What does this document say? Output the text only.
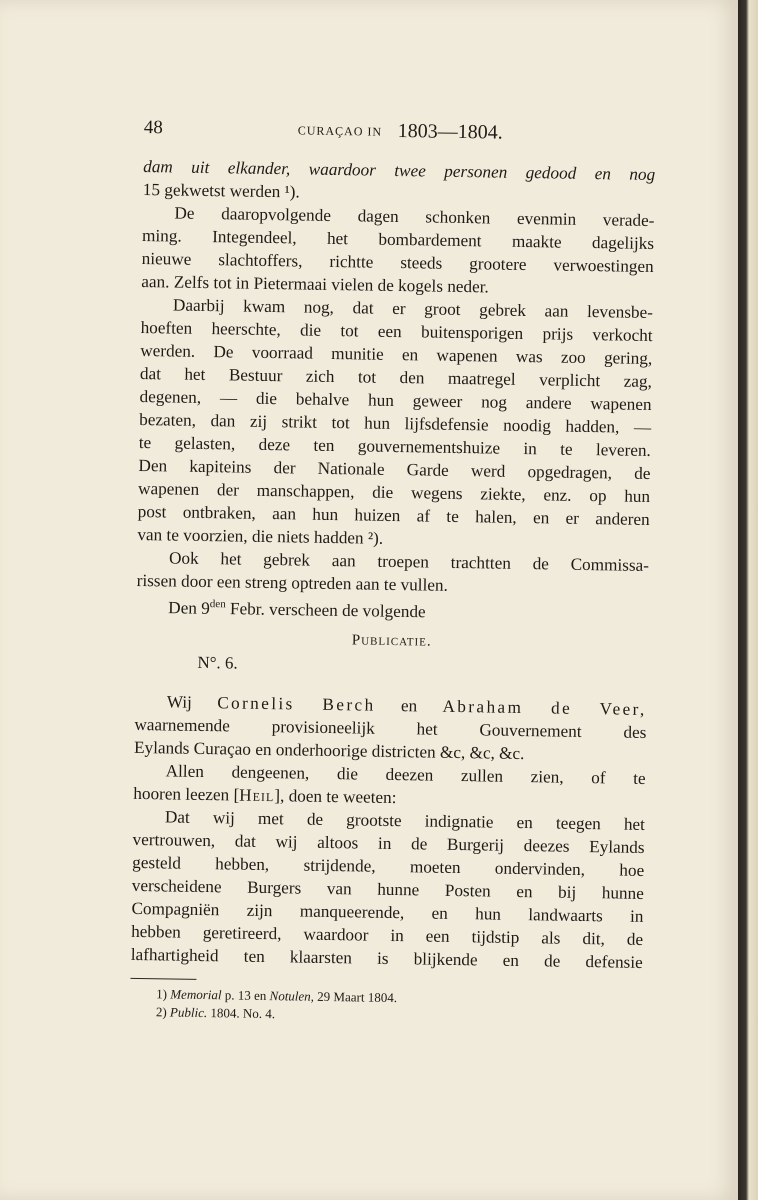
48	CURAÇAO IN 1803—1804.

dam uit elkander, waardoor twee personen gedood en nog

15 gekwetst werden ¹).

De daaropvolgende dagen schonken evenmin verade-

ming. Integendeel, het bombardement maakte dagelijks

nieuwe slachtoffers, richtte steeds grootere verwoestingen

aan. Zelfs tot in Pietermaai vielen de kogels neder.

Daarbij kwam nog, dat er groot gebrek aan levensbe-

hoeften heerschte, die tot een buitensporigen prijs verkocht

werden. De voorraad munitie en wapenen was zoo gering,

dat het Bestuur zich tot den maatregel verplicht zag,

degenen, — die behalve hun geweer nog andere wapenen

bezaten, dan zij strikt tot hun lijfsdefensie noodig hadden, —

te gelasten, deze ten gouvernementshuize in te leveren.

Den kapiteins der Nationale Garde werd opgedragen, de

wapenen der manschappen, die wegens ziekte, enz. op hun

post ontbraken, aan hun huizen af te halen, en er anderen

van te voorzien, die niets hadden ²).

Ook het gebrek aan troepen trachtten de Commissa-

rissen door een streng optreden aan te vullen.

Den $9^{den}$ Febr. verscheen de volgende

Publicatie.
N°. 6.

Wij Cornelis Berch en Abraham de Veer,

waarnemende provisioneelijk het Gouvernement des

Eylands Curaçao en onderhoorige districten &c, &c, &c.

Allen dengeenen, die deezen zullen zien, of te

hooren leezen [Heil], doen te weeten:

Dat wij met de grootste indignatie en teegen het

vertrouwen, dat wij altoos in de Burgerij deezes Eylands

gesteld hebben, strijdende, moeten ondervinden, hoe

verscheidene Burgers van hunne Posten en bij hunne

Compagniën zijn manqueerende, en hun landwaarts in

hebben geretireerd, waardoor in een tijdstip als dit, de

lafhartigheid ten klaarsten is blijkende en de defensie

1) Memorial p. 13 en Notulen, 29 Maart 1804.

2) Public. 1804. No. 4.
